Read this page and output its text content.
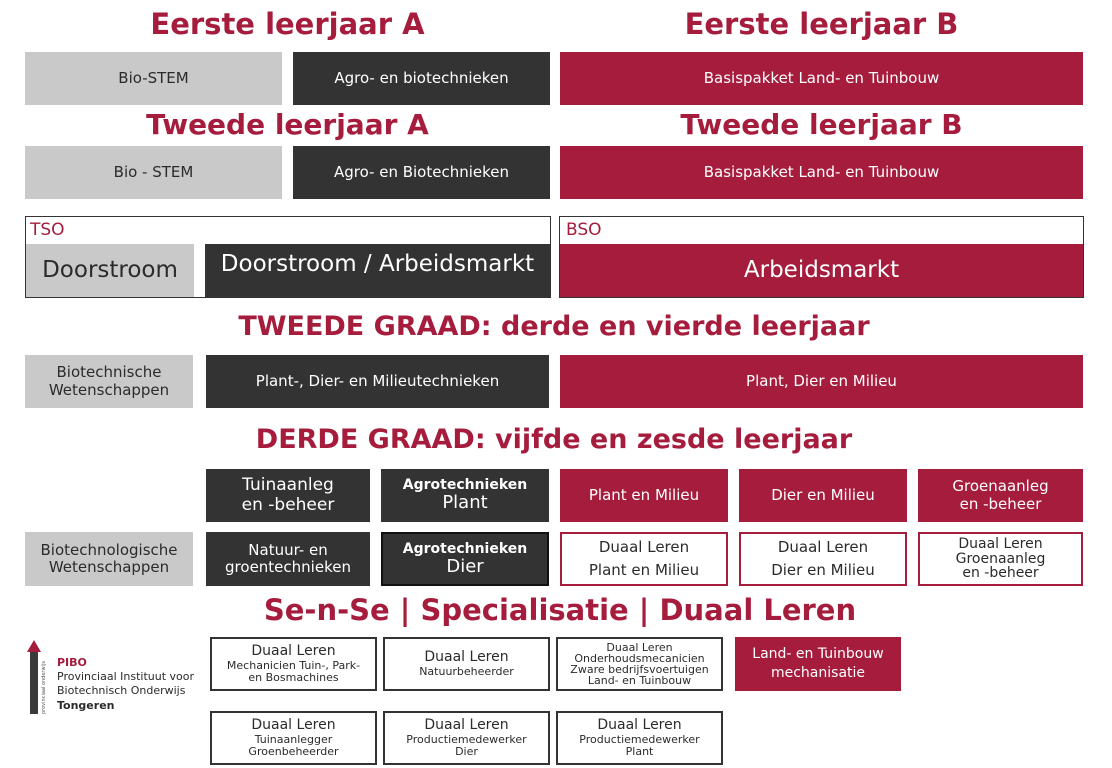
Eerste leerjaar A	Eerste leerjaar B
Bio-STEM	Agro- en biotechnieken	Basispakket Land- en Tuinbouw
Tweede leerjaar A	Tweede leerjaar B
Bio - STEM	Agro- en Biotechnieken	Basispakket Land- en Tuinbouw
TSO
Doorstroom Doorstroom / Arbeidsmarkt
BSO
Arbeidsmarkt
TWEEDE GRAAD: derde en vierde leerjaar
Biotechnische
Wetenschappen	Plant-, Dier- en Milieutechnieken	Plant, Dier en Milieu
DERDE GRAAD: vijfde en zesde leerjaar
Tuinaanleg
en -beheer
Agrotechnieken
Plant	Plant en Milieu	Dier en Milieu	Groenaanleg
en -beheer
Biotechnologische
Wetenschappen
Natuur- en
groentechnieken
Agrotechnieken
Dier
Duaal Leren
Plant en Milieu
Duaal Leren
Dier en Milieu
Duaal Leren
Groenaanleg
en -beheer
Se-n-Se | Specialisatie | Duaal Leren
Duaal Leren
Mechanicien Tuin-, Park-
en Bosmachines
Duaal Leren
Natuurbeheerder
Duaal Leren
Onderhoudsmecanicien
Zware bedrijfsvoertuigen
Land- en Tuinbouw
Land- en Tuinbouw
mechanisatie
Duaal Leren
Tuinaanlegger
Groenbeheerder
Duaal Leren
Productiemedewerker
Dier
Duaal Leren
Productiemedewerker
Plant
provinciaal onderwijs PIBO
Provinciaal Instituut voor
Biotechnisch Onderwijs
Tongeren
